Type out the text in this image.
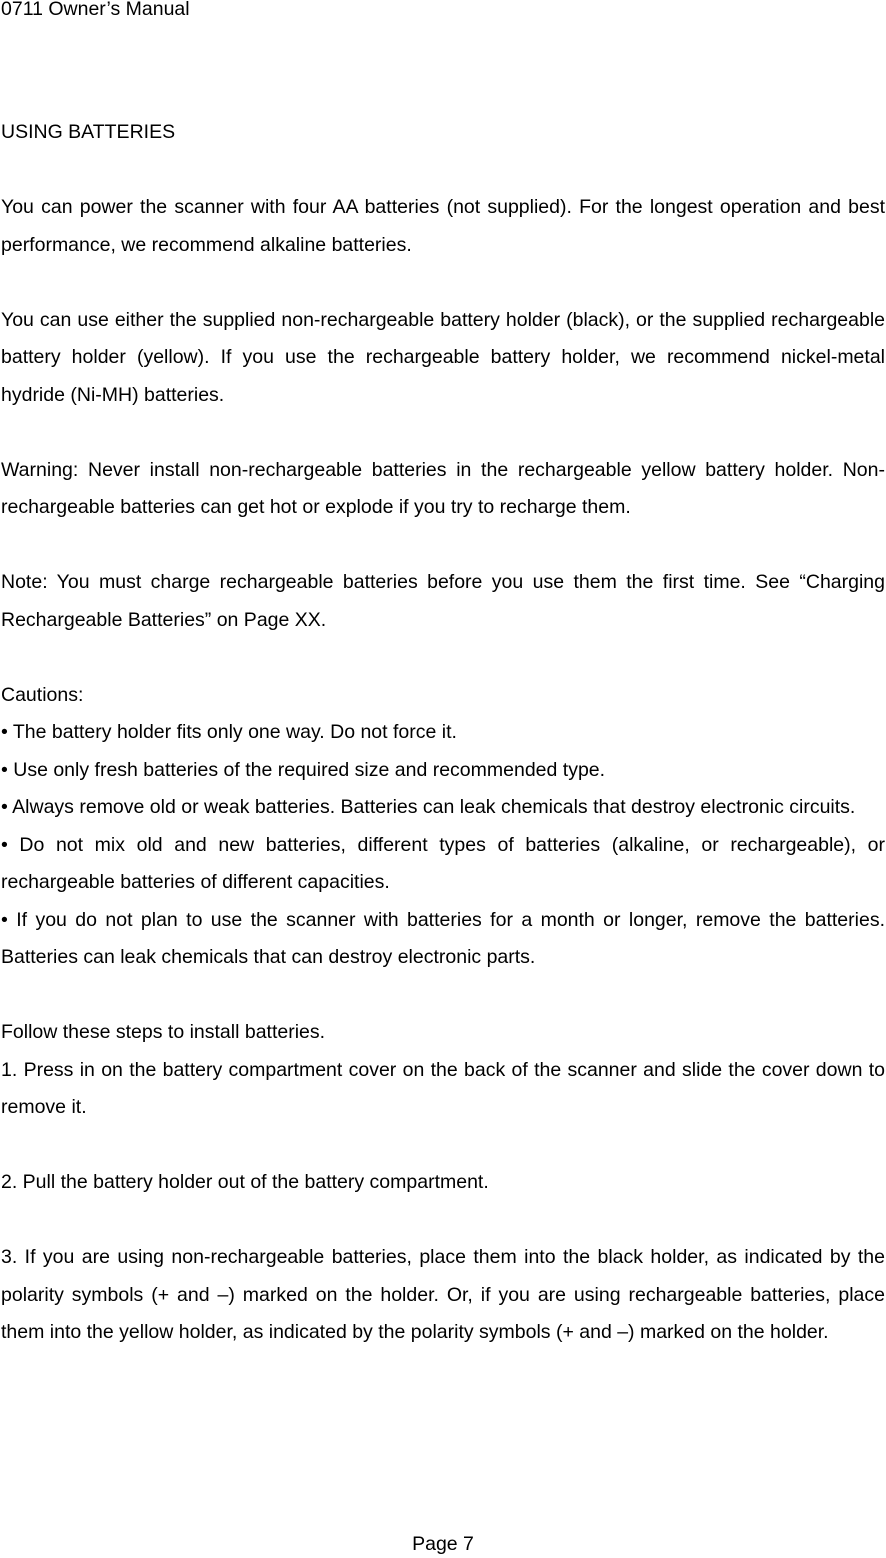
0711 Owner’s Manual
USING BATTERIES
You can power the scanner with four AA batteries (not supplied). For the longest operation and best performance, we recommend alkaline batteries.
You can use either the supplied non-rechargeable battery holder (black), or the supplied rechargeable battery holder (yellow). If you use the rechargeable battery holder, we recommend nickel-metal hydride (Ni-MH) batteries.
Warning: Never install non-rechargeable batteries in the rechargeable yellow battery holder. Non-rechargeable batteries can get hot or explode if you try to recharge them.
Note: You must charge rechargeable batteries before you use them the first time. See “Charging Rechargeable Batteries” on Page XX.
Cautions:
• The battery holder fits only one way. Do not force it.
• Use only fresh batteries of the required size and recommended type.
• Always remove old or weak batteries. Batteries can leak chemicals that destroy electronic circuits.
• Do not mix old and new batteries, different types of batteries (alkaline, or rechargeable), or rechargeable batteries of different capacities.
• If you do not plan to use the scanner with batteries for a month or longer, remove the batteries. Batteries can leak chemicals that can destroy electronic parts.
Follow these steps to install batteries.
1. Press in on the battery compartment cover on the back of the scanner and slide the cover down to remove it.
2. Pull the battery holder out of the battery compartment.
3. If you are using non-rechargeable batteries, place them into the black holder, as indicated by the polarity symbols (+ and –) marked on the holder. Or, if you are using rechargeable batteries, place them into the yellow holder, as indicated by the polarity symbols (+ and –) marked on the holder.
Page 7
